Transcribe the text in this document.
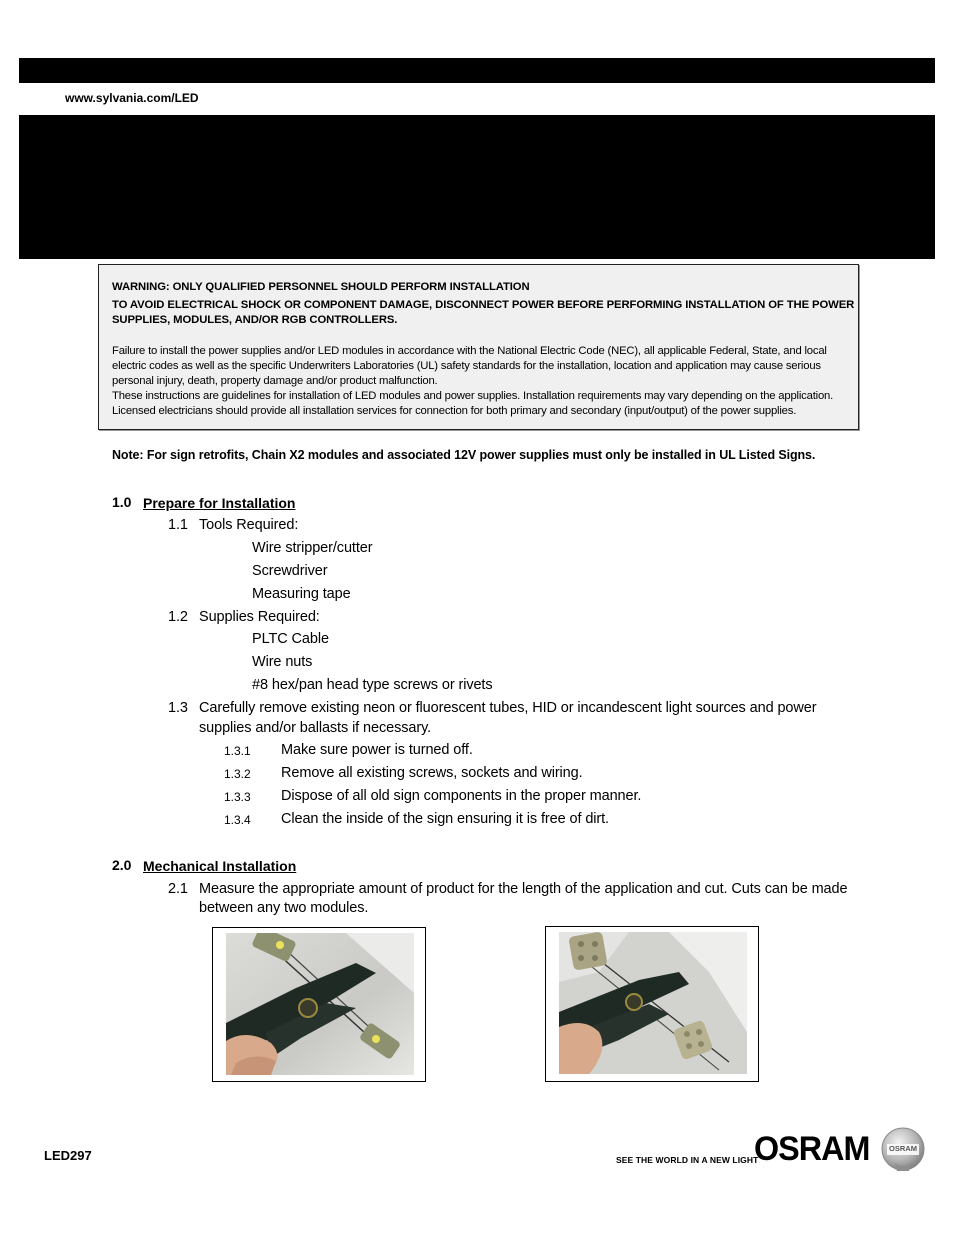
www.sylvania.com/LED
WARNING: ONLY QUALIFIED PERSONNEL SHOULD PERFORM INSTALLATION
TO AVOID ELECTRICAL SHOCK OR COMPONENT DAMAGE, DISCONNECT POWER BEFORE PERFORMING INSTALLATION OF THE POWER
SUPPLIES, MODULES, AND/OR RGB CONTROLLERS.
Failure to install the power supplies and/or LED modules in accordance with the National Electric Code (NEC), all applicable Federal, State, and local
electric codes as well as the specific Underwriters Laboratories (UL) safety standards for the installation, location and application may cause serious
personal injury, death, property damage and/or product malfunction.
These instructions are guidelines for installation of LED modules and power supplies. Installation requirements may vary depending on the application.
Licensed electricians should provide all installation services for connection for both primary and secondary (input/output) of the power supplies.
Note: For sign retrofits, Chain X2 modules and associated 12V power supplies must only be installed in UL Listed Signs.
1.0 Prepare for Installation
1.1 Tools Required:
Wire stripper/cutter
Screwdriver
Measuring tape
1.2 Supplies Required:
PLTC Cable
Wire nuts
#8 hex/pan head type screws or rivets
1.3 Carefully remove existing neon or fluorescent tubes, HID or incandescent light sources and power
supplies and/or ballasts if necessary.
1.3.1 Make sure power is turned off.
1.3.2 Remove all existing screws, sockets and wiring.
1.3.3 Dispose of all old sign components in the proper manner.
1.3.4 Clean the inside of the sign ensuring it is free of dirt.
2.0 Mechanical Installation
2.1 Measure the appropriate amount of product for the length of the application and cut. Cuts can be made
between any two modules.
LED297	SEE THE WORLD IN A NEW LIGHT
OSRAM	OSRAM
